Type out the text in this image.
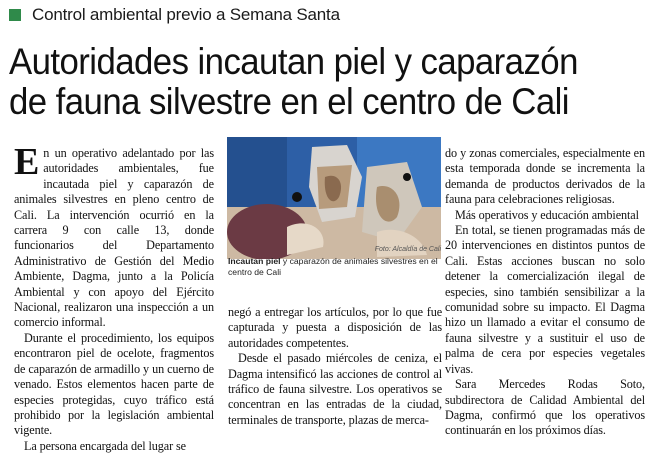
Control ambiental previo a Semana Santa
Autoridades incautan piel y caparazón
de fauna silvestre en el centro de Cali

En un operativo adelantado por las autoridades ambientales, fue incautada piel y caparazón de animales silvestres en pleno centro de Cali. La intervención ocurrió en la carrera 9 con calle 13, donde funcionarios del Departamento Administrativo de Gestión del Medio Ambiente, Dagma, junto a la Policía Ambiental y con apoyo del Ejército Nacional, realizaron una inspección a un comercio informal.

Durante el procedimiento, los equipos encontraron piel de ocelote, fragmentos de caparazón de armadillo y un cuerno de venado. Estos elementos hacen parte de especies protegidas, cuyo tráfico está prohibido por la legislación ambiental vigente.

La persona encargada del lugar se

Foto: Alcaldía de Cali
Incautan piel y caparazón de animales silvestres en el centro de Cali

negó a entregar los artículos, por lo que fue capturada y puesta a disposición de las autoridades competentes.

Desde el pasado miércoles de ceniza, el Dagma intensificó las acciones de control al tráfico de fauna silvestre. Los operativos se concentran en las entradas de la ciudad, terminales de transporte, plazas de merca-

do y zonas comerciales, especialmente en esta temporada donde se incrementa la demanda de productos derivados de la fauna para celebraciones religiosas.

Más operativos y educación ambiental

En total, se tienen programadas más de 20 intervenciones en distintos puntos de Cali. Estas acciones buscan no solo detener la comercialización ilegal de especies, sino también sensibilizar a la comunidad sobre su impacto. El Dagma hizo un llamado a evitar el consumo de fauna silvestre y a sustituir el uso de palma de cera por especies vegetales vivas.

Sara Mercedes Rodas Soto, subdirectora de Calidad Ambiental del Dagma, confirmó que los operativos continuarán en los próximos días.
